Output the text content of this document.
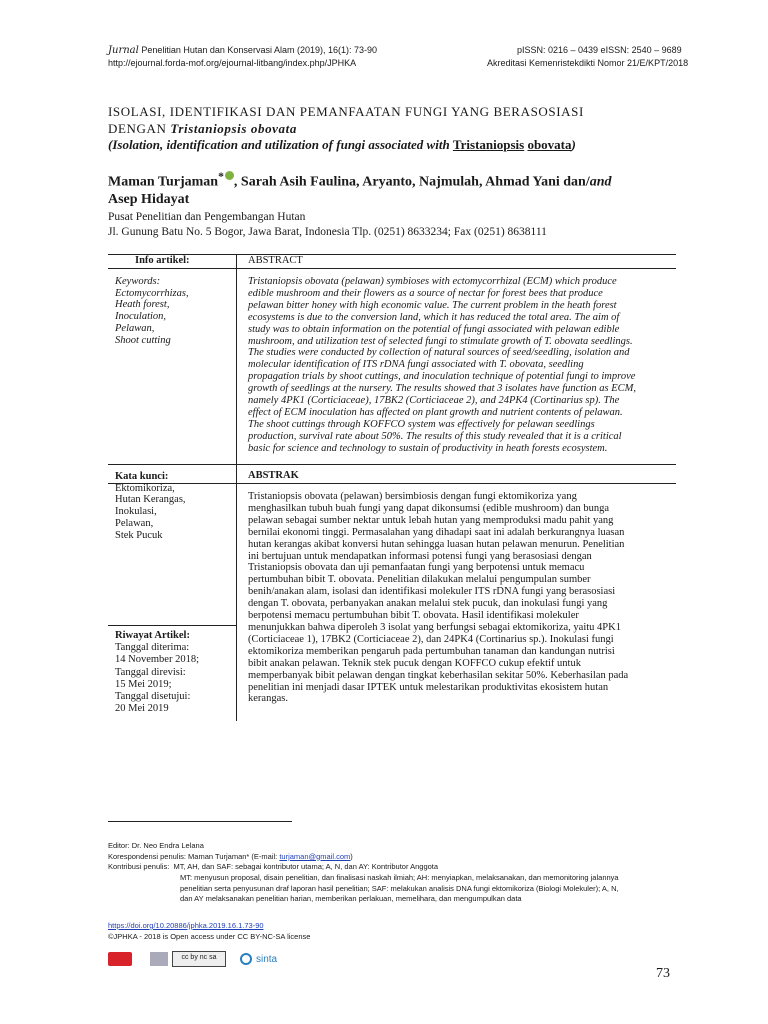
Jurnal Penelitian Hutan dan Konservasi Alam (2019), 16(1): 73-90
http://ejournal.forda-mof.org/ejournal-litbang/index.php/JPHKA
pISSN: 0216 – 0439 eISSN: 2540 – 9689
Akreditasi Kemenristekdikti Nomor 21/E/KPT/2018
ISOLASI, IDENTIFIKASI DAN PEMANFAATAN FUNGI YANG BERASOSIASI
DENGAN Tristaniopsis obovata
(Isolation, identification and utilization of fungi associated with Tristaniopsis obovata)
Maman Turjaman* , Sarah Asih Faulina, Aryanto, Najmulah, Ahmad Yani dan/and
Asep Hidayat
Pusat Penelitian dan Pengembangan Hutan
Jl. Gunung Batu No. 5 Bogor, Jawa Barat, Indonesia Tlp. (0251) 8633234; Fax (0251) 8638111
Info artikel:
Keywords:
Ectomycorrhizas,
Heath forest,
Inoculation,
Pelawan,
Shoot cutting
Kata kunci:
Ektomikoriza,
Hutan Kerangas,
Inokulasi,
Pelawan,
Stek Pucuk
Riwayat Artikel:
Tanggal diterima:
14 November 2018;
Tanggal direvisi:
15 Mei 2019;
Tanggal disetujui:
20 Mei 2019
ABSTRACT
Tristaniopsis obovata (pelawan) symbioses with ectomycorrhizal (ECM) which produce
edible mushroom and their flowers as a source of nectar for forest bees that produce
pelawan bitter honey with high economic value. The current problem in the heath forest
ecosystems is due to the conversion land, which it has reduced the total area. The aim of
study was to obtain information on the potential of fungi associated with pelawan edible
mushroom, and utilization test of selected fungi to stimulate growth of T. obovata seedlings.
The studies were conducted by collection of natural sources of seed/seedling, isolation and
molecular identification of ITS rDNA fungi associated with T. obovata, seedling
propagation trials by shoot cuttings, and inoculation technique of potential fungi to improve
growth of seedlings at the nursery. The results showed that 3 isolates have function as ECM,
namely 4PK1 (Corticiaceae), 17BK2 (Corticiaceae 2), and 24PK4 (Cortinarius sp). The
effect of ECM inoculation has affected on plant growth and nutrient contents of pelawan.
The shoot cuttings through KOFFCO system was effectively for pelawan seedlings
production, survival rate about 50%. The results of this study revealed that it is a critical
basic for science and technology to sustain of productivity in heath forests ecosystem.
ABSTRAK
Tristaniopsis obovata (pelawan) bersimbiosis dengan fungi ektomikoriza yang
menghasilkan tubuh buah fungi yang dapat dikonsumsi (edible mushroom) dan bunga
pelawan sebagai sumber nektar untuk lebah hutan yang memproduksi madu pahit yang
bernilai ekonomi tinggi. Permasalahan yang dihadapi saat ini adalah berkurangnya luasan
hutan kerangas akibat konversi hutan sehingga luasan hutan pelawan menurun. Penelitian
ini bertujuan untuk mendapatkan informasi potensi fungi yang berasosiasi dengan
Tristaniopsis obovata dan uji pemanfaatan fungi yang berpotensi untuk memacu
pertumbuhan bibit T. obovata. Penelitian dilakukan melalui pengumpulan sumber
benih/anakan alam, isolasi dan identifikasi molekuler ITS rDNA fungi yang berasosiasi
dengan T. obovata, perbanyakan anakan melalui stek pucuk, dan inokulasi fungi yang
berpotensi memacu pertumbuhan bibit T. obovata. Hasil identifikasi molekuler
menunjukkan bahwa diperoleh 3 isolat yang berfungsi sebagai ektomikoriza, yaitu 4PK1
(Corticiaceae 1), 17BK2 (Corticiaceae 2), dan 24PK4 (Cortinarius sp.). Inokulasi fungi
ektomikoriza memberikan pengaruh pada pertumbuhan tanaman dan kandungan nutrisi
bibit anakan pelawan. Teknik stek pucuk dengan KOFFCO cukup efektif untuk
memperbanyak bibit pelawan dengan tingkat keberhasilan sekitar 50%. Keberhasilan pada
penelitian ini menjadi dasar IPTEK untuk melestarikan produktivitas ekosistem hutan
kerangas.
Editor: Dr. Neo Endra Lelana
Korespondensi penulis: Maman Turjaman* (E-mail: turjaman@gmail.com)
Kontribusi penulis: MT, AH, dan SAF: sebagai kontributor utama; A, N, dan AY: Kontributor Anggota
MT: menyusun proposal, disain penelitian, dan finalisasi naskah ilmiah; AH: menyiapkan, melaksanakan, dan memonitoring jalannya
penelitian serta penyusunan draf laporan hasil penelitian; SAF: melakukan analisis DNA fungi ektomikoriza (Biologi Molekuler); A, N,
dan AY melaksanakan penelitian harian, memberikan perlakuan, memelihara, dan mengumpulkan data
https://doi.org/10.20886/jphka.2019.16.1.73-90
©JPHKA - 2018 is Open access under CC BY-NC-SA license
cc by nc sa	sinta
73
